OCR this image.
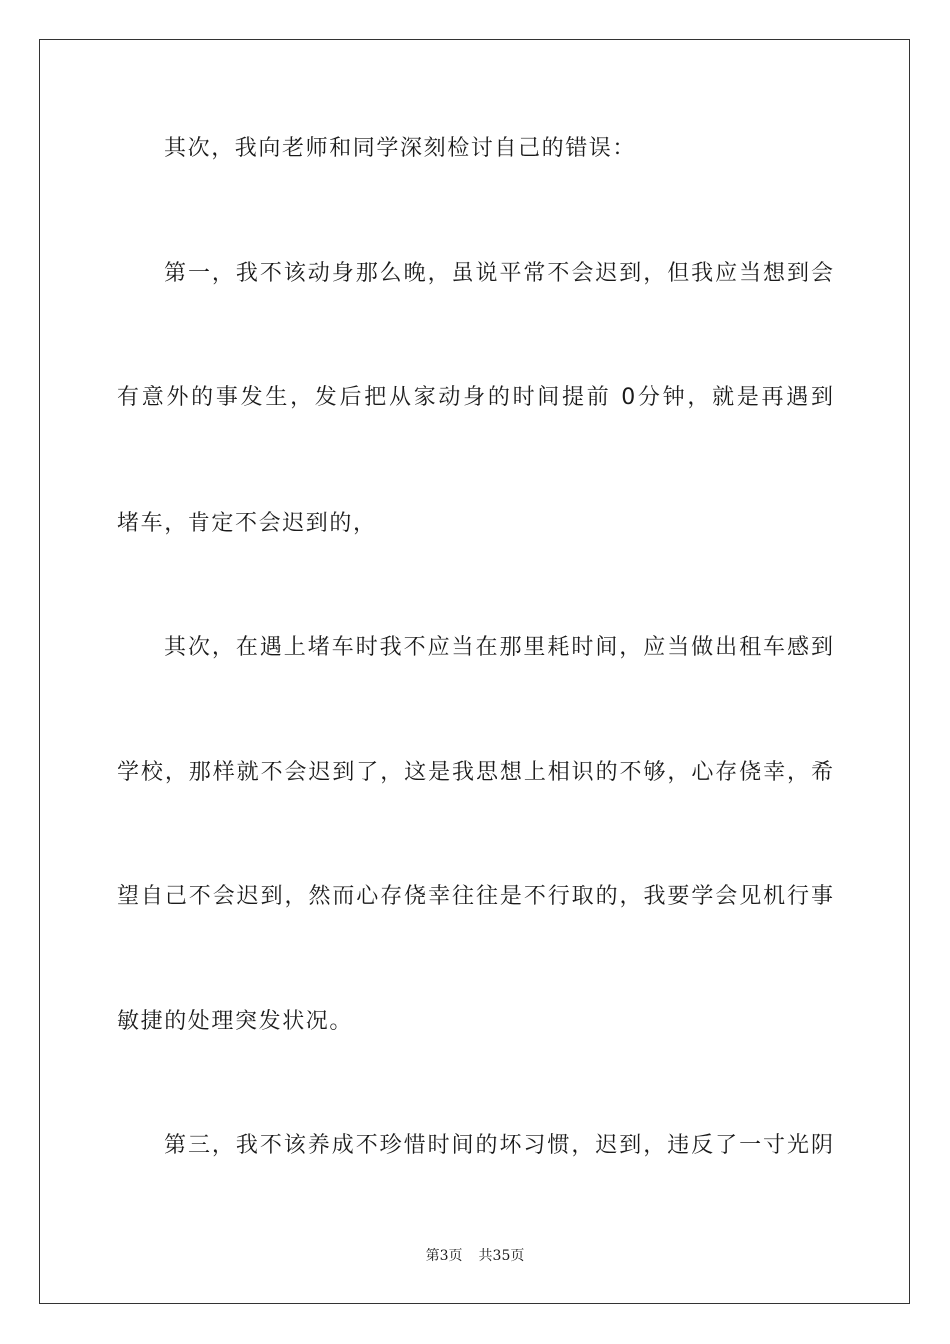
其次，我向老师和同学深刻检讨自己的错误：

第一，我不该动身那么晚，虽说平常不会迟到，但我应当想到会

有意外的事发生，发后把从家动身的时间提前 0分钟，就是再遇到

堵车，肯定不会迟到的，

其次，在遇上堵车时我不应当在那里耗时间，应当做出租车感到

学校，那样就不会迟到了，这是我思想上相识的不够，心存侥幸，希

望自己不会迟到，然而心存侥幸往往是不行取的，我要学会见机行事

敏捷的处理突发状况。

第三，我不该养成不珍惜时间的坏习惯，迟到，违反了一寸光阴

第3页 共35页
